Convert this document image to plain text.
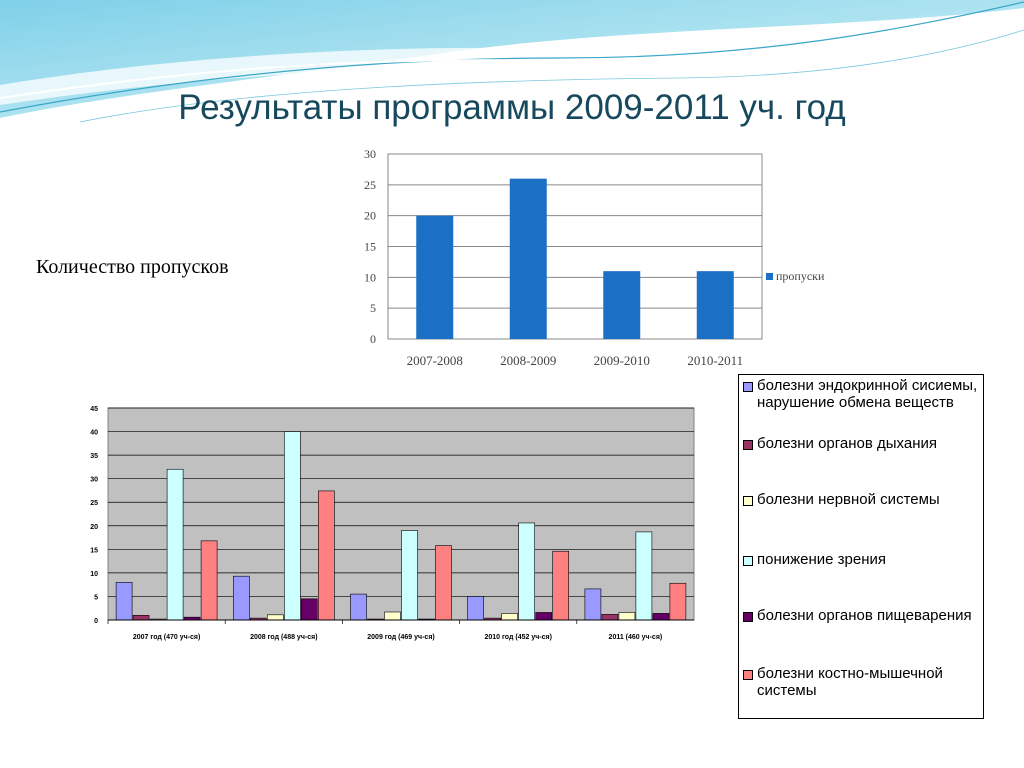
Результаты программы 2009-2011 уч. год
Количество пропусков
0
5
10
15
20
25
30
2007-2008	2008-2009	2009-2010	2010-2011
пропуски
0
5
10
15
20
25
30
35
40
45
2007 год (470 уч-ся)	2008 год (488 уч-ся)	2009 год (469 уч-ся)	2010 год (452 уч-ся)	2011 (460 уч-ся)
болезни эндокринной сисиемы, нарушение обмена веществ
болезни органов дыхания
болезни нервной системы
понижение зрения
болезни органов пищеварения
болезни костно-мышечной системы
